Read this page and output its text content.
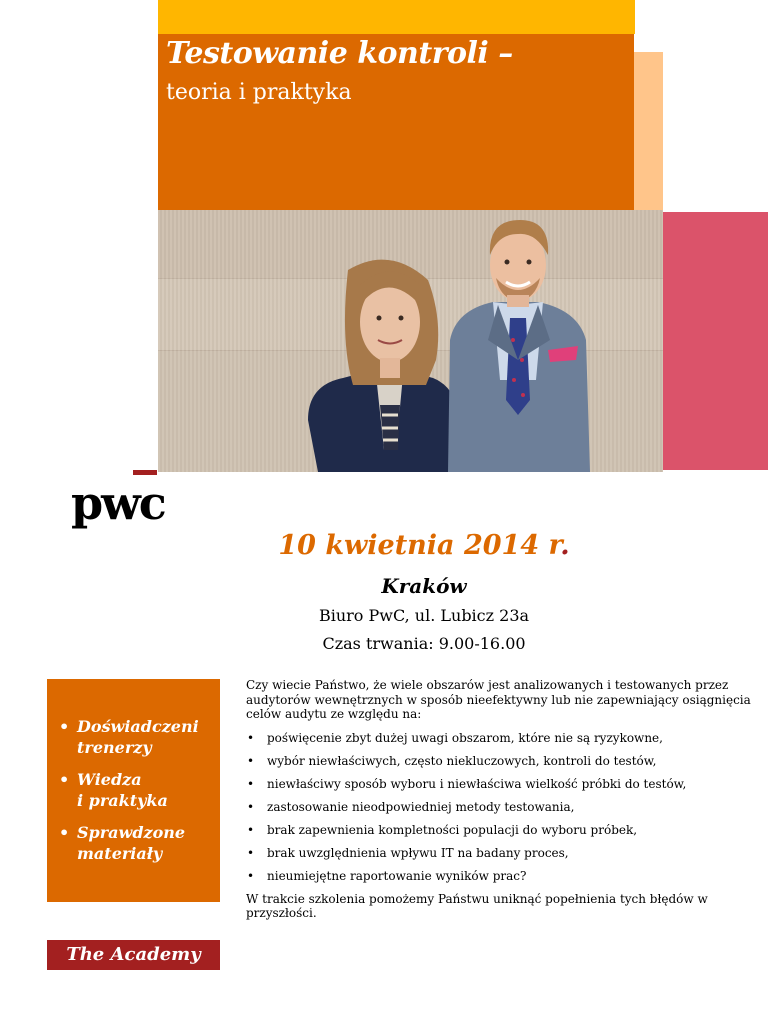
Testowanie kontroli –
teoria i praktyka
pwc
10 kwietnia 2014 r.
Kraków
Biuro PwC, ul. Lubicz 23a
Czas trwania: 9.00-16.00
• Doświadczeni
trenerzy
• Wiedza
i praktyka
• Sprawdzone
materiały
The Academy

Czy wiecie Państwo, że wiele obszarów jest analizowanych i testowanych przez audytorów wewnętrznych w sposób nieefektywny lub nie zapewniający osiągnięcia celów audytu ze względu na:

• poświęcenie zbyt dużej uwagi obszarom, które nie są ryzykowne,
• wybór niewłaściwych, często niekluczowych, kontroli do testów,
• niewłaściwy sposób wyboru i niewłaściwa wielkość próbki do testów,
• zastosowanie nieodpowiedniej metody testowania,
• brak zapewnienia kompletności populacji do wyboru próbek,
• brak uwzględnienia wpływu IT na badany proces,
• nieumiejętne raportowanie wyników prac?

W trakcie szkolenia pomożemy Państwu uniknąć popełnienia tych błędów w przyszłości.
